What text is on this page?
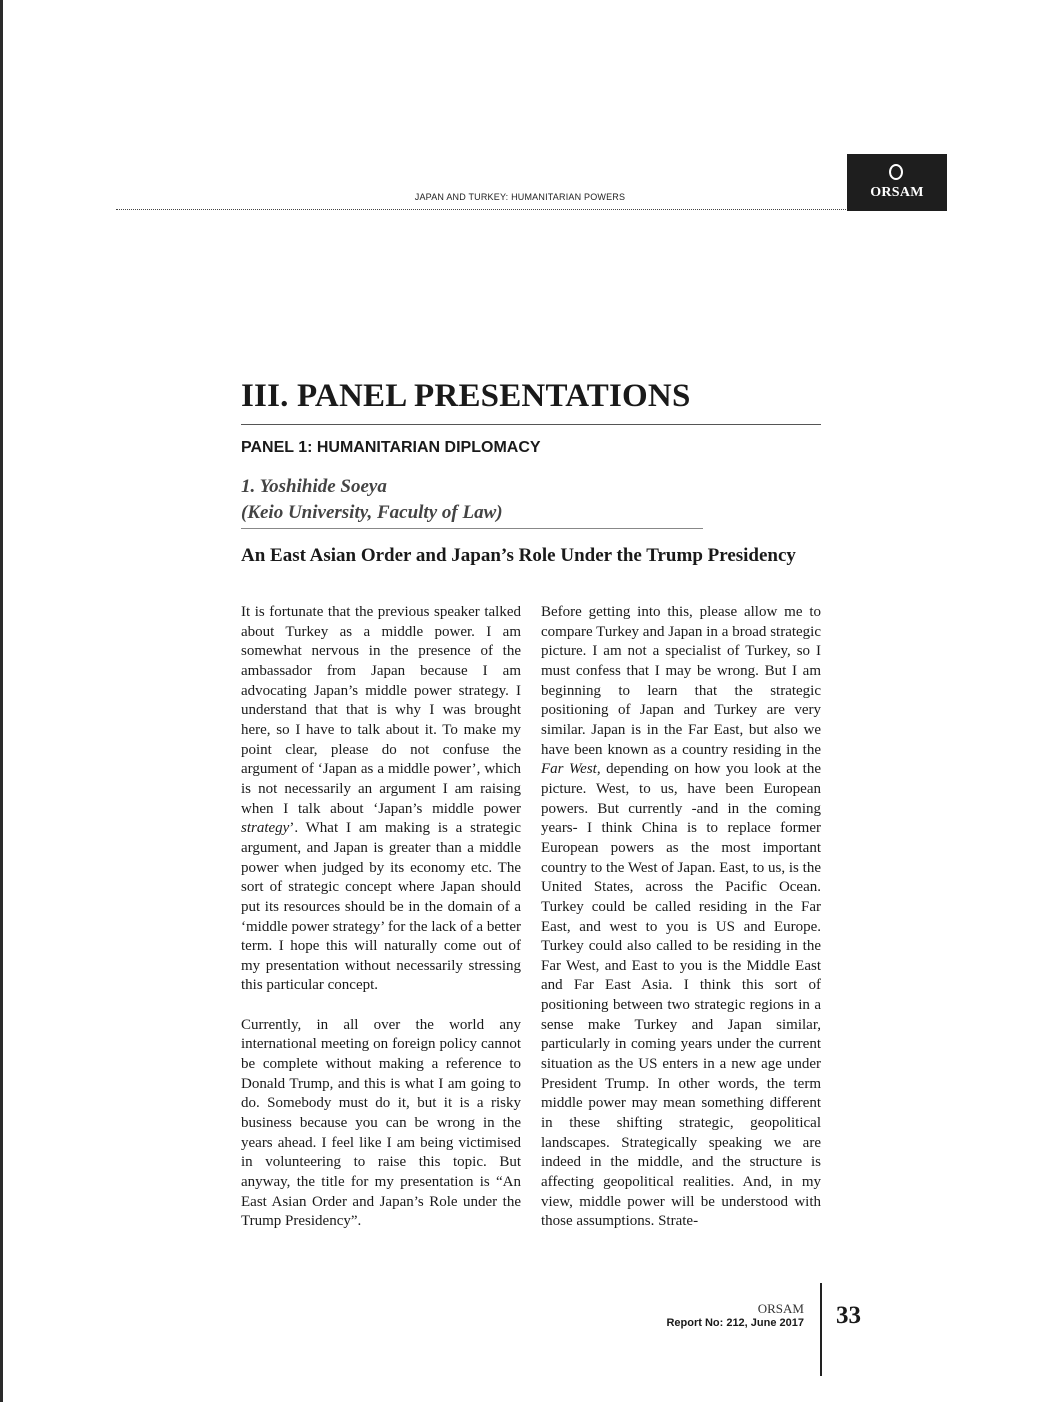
JAPAN AND TURKEY: HUMANITARIAN POWERS	ORSAM
III. PANEL PRESENTATIONS
PANEL 1: HUMANITARIAN DIPLOMACY
1. Yoshihide Soeya
(Keio University, Faculty of Law)
An East Asian Order and Japan’s Role Under the Trump Presidency

It is fortunate that the previous speaker talked about Turkey as a middle power. I am somewhat nervous in the presence of the ambassador from Japan because I am advocating Japan’s middle power strategy. I understand that that is why I was brought here, so I have to talk about it. To make my point clear, please do not confuse the argument of ‘Japan as a middle power’, which is not necessarily an argument I am raising when I talk about ‘Japan’s middle power strategy’. What I am making is a strategic argument, and Japan is greater than a middle power when judged by its economy etc. The sort of strategic concept where Japan should put its resources should be in the domain of a ‘middle power strategy’ for the lack of a better term. I hope this will naturally come out of my presentation without necessarily stressing this particular concept.

Currently, in all over the world any international meeting on foreign policy cannot be complete without making a reference to Donald Trump, and this is what I am going to do. Somebody must do it, but it is a risky business because you can be wrong in the years ahead. I feel like I am being victimised in volunteering to raise this topic. But anyway, the title for my presentation is “An East Asian Order and Japan’s Role under the Trump Presidency”.

Before getting into this, please allow me to compare Turkey and Japan in a broad strategic picture. I am not a specialist of Turkey, so I must confess that I may be wrong. But I am beginning to learn that the strategic positioning of Japan and Turkey are very similar. Japan is in the Far East, but also we have been known as a country residing in the Far West, depending on how you look at the picture. West, to us, have been European powers. But currently -and in the coming years- I think China is to replace former European powers as the most important country to the West of Japan. East, to us, is the United States, across the Pacific Ocean. Turkey could be called residing in the Far East, and west to you is US and Europe. Turkey could also called to be residing in the Far West, and East to you is the Middle East and Far East Asia. I think this sort of positioning between two strategic regions in a sense make Turkey and Japan similar, particularly in coming years under the current situation as the US enters in a new age under President Trump. In other words, the term middle power may mean something different in these shifting strategic, geopolitical landscapes. Strategically speaking we are indeed in the middle, and the structure is affecting geopolitical realities. And, in my view, middle power will be understood with those assumptions. Strate-

ORSAM
Report No: 212, June 2017 33
